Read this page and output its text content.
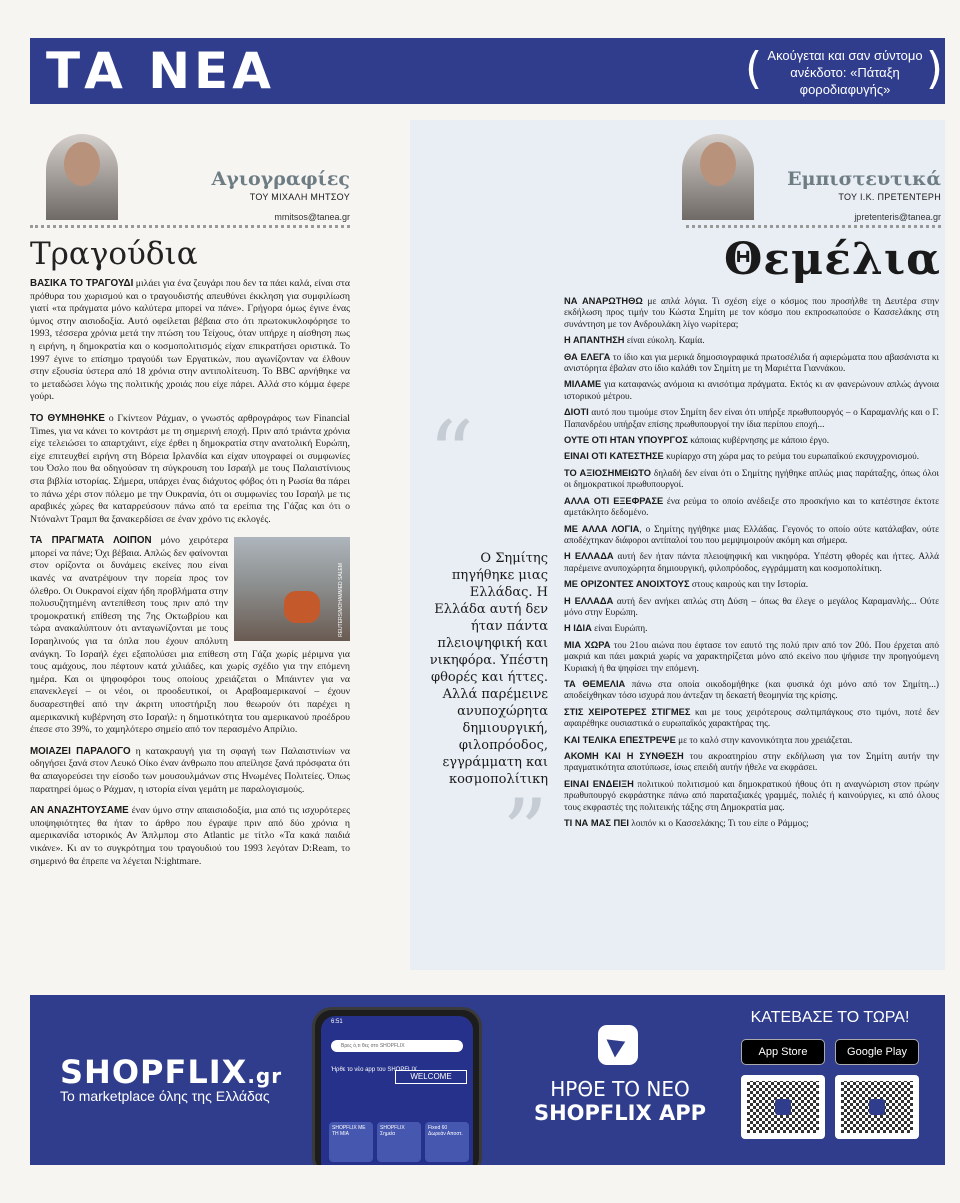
ΤΑ ΝΕΑ	( Ακούγεται και σαν σύντομο ανέκδοτο: «Πάταξη φοροδιαφυγής» )
Αγιογραφίες
ΤΟΥ ΜΙΧΑΛΗ ΜΗΤΣΟΥ
mmitsos@tanea.gr
Τραγούδια

ΒΑΣΙΚΑ ΤΟ ΤΡΑΓΟΥΔΙ μιλάει για ένα ζευγάρι που δεν τα πάει καλά, είναι στα πρόθυρα του χωρισμού και ο τραγουδιστής απευθύνει έκκληση για συμφιλίωση γιατί «τα πράγματα μόνο καλύτερα μπορεί να πάνε». Γρήγορα όμως έγινε ένας ύμνος στην αισιοδοξία. Αυτό οφείλεται βέβαια στο ότι πρωτοκυκλοφόρησε το 1993, τέσσερα χρόνια μετά την πτώση του Τείχους, όταν υπήρχε η αίσθηση πως η ειρήνη, η δημοκρατία και ο κοσμοπολιτισμός είχαν επικρατήσει οριστικά. Το 1997 έγινε το επίσημο τραγούδι των Εργατικών, που αγωνίζονταν να έλθουν στην εξουσία ύστερα από 18 χρόνια στην αντιπολίτευση. Το BBC αρνήθηκε να το μεταδώσει λόγω της πολιτικής χροιάς που είχε πάρει. Αλλά στο κόμμα έφερε γούρι.

ΤΟ ΘΥΜΗΘΗΚΕ ο Γκίντεον Ράχμαν, ο γνωστός αρθρογράφος των Financial Times, για να κάνει το κοντράστ με τη σημερινή εποχή. Πριν από τριάντα χρόνια είχε τελειώσει το απαρτχάιντ, είχε έρθει η δημοκρατία στην ανατολική Ευρώπη, είχε επιτευχθεί ειρήνη στη Βόρεια Ιρλανδία και είχαν υπογραφεί οι συμφωνίες του Όσλο που θα οδηγούσαν τη σύγκρουση του Ισραήλ με τους Παλαιστίνιους στα βιβλία ιστορίας. Σήμερα, υπάρχει ένας διάχυτος φόβος ότι η Ρωσία θα πάρει το πάνω χέρι στον πόλεμο με την Ουκρανία, ότι οι συμφωνίες του Ισραήλ με τις αραβικές χώρες θα καταρρεύσουν πάνω από τα ερείπια της Γάζας και ότι ο Ντόναλντ Τραμπ θα ξανακερδίσει σε έναν χρόνο τις εκλογές.

REUTERS/MOHAMMED SALEM
ΤΑ ΠΡΑΓΜΑΤΑ ΛΟΙΠΟΝ μόνο χειρότερα μπορεί να πάνε; Όχι βέβαια. Απλώς δεν φαίνονται στον ορίζοντα οι δυνάμεις εκείνες που είναι ικανές να ανατρέψουν την πορεία προς τον όλεθρο. Οι Ουκρανοί είχαν ήδη προβλήματα στην πολυσυζητημένη αντεπίθεση τους πριν από την τρομοκρατική επίθεση της 7ης Οκτωβρίου και τώρα ανακαλύπτουν ότι ανταγωνίζονται με τους Ισραηλινούς για τα όπλα που έχουν απόλυτη ανάγκη. Το Ισραήλ έχει εξαπολύσει μια επίθεση στη Γάζα χωρίς μέριμνα για τους αμάχους, που πέφτουν κατά χιλιάδες, και χωρίς σχέδιο για την επόμενη ημέρα. Και οι ψηφοφόροι τους οποίους χρειάζεται ο Μπάιντεν για να επανεκλεγεί – οι νέοι, οι προοδευτικοί, οι Αραβοαμερικανοί – έχουν δυσαρεστηθεί από την άκριτη υποστήριξη που θεωρούν ότι παρέχει η αμερικανική κυβέρνηση στο Ισραήλ: η δημοτικότητα του αμερικανού προέδρου έπεσε στο 39%, το χαμηλότερο σημείο από τον περασμένο Απρίλιο.

ΜΟΙΑΖΕΙ ΠΑΡΑΛΟΓΟ η κατακραυγή για τη σφαγή των Παλαιστινίων να οδηγήσει ξανά στον Λευκό Οίκο έναν άνθρωπο που απείλησε ξανά πρόσφατα ότι θα απαγορεύσει την είσοδο των μουσουλμάνων στις Ηνωμένες Πολιτείες. Όπως παρατηρεί όμως ο Ράχμαν, η ιστορία είναι γεμάτη με παραλογισμούς.

ΑΝ ΑΝΑΖΗΤΟΥΣΑΜΕ έναν ύμνο στην απαισιοδοξία, μια από τις ισχυρότερες υποψηφιότητες θα ήταν το άρθρο που έγραψε πριν από δύο χρόνια η αμερικανίδα ιστορικός Αν Άπλμπομ στο Atlantic με τίτλο «Τα κακά παιδιά νικάνε». Κι αν το συγκρότημα του τραγουδιού του 1993 λεγόταν D:Ream, το σημερινό θα έπρεπε να λέγεται N:ightmare.

Εμπιστευτικά
ΤΟΥ Ι.Κ. ΠΡΕΤΕΝΤΕΡΗ
jpretenteris@tanea.gr
Θεμέλια
“
Ο Σημίτης πηγήθηκε μιας Ελλάδας. Η Ελλάδα αυτή δεν ήταν πάντα πλειοψηφική και νικηφόρα. Υπέστη φθορές και ήττες. Αλλά παρέμεινε ανυποχώρητα δημιουργική, φιλοπρόοδος, εγγράμματη και κοσμοπολίτικη
”

ΝΑ ΑΝΑΡΩΤΗΘΩ με απλά λόγια. Τι σχέση είχε ο κόσμος που προσήλθε τη Δευτέρα στην εκδήλωση προς τιμήν του Κώστα Σημίτη με τον κόσμο που εκπροσωπούσε ο Κασσελάκης στη συνάντηση με τον Ανδρουλάκη λίγο νωρίτερα;

Η ΑΠΑΝΤΗΣΗ είναι εύκολη. Καμία.

ΘΑ ΕΛΕΓΑ το ίδιο και για μερικά δημοσιογραφικά πρωτοσέλιδα ή αφιερώματα που αβασάνιστα κι ανιστόρητα έβαλαν στο ίδιο καλάθι τον Σημίτη με τη Μαριέττα Γιαννάκου.

ΜΙΛΑΜΕ για καταφανώς ανόμοια κι ανισότιμα πράγματα. Εκτός κι αν φανερώνουν απλώς άγνοια ιστορικού μέτρου.

ΔΙΟΤΙ αυτό που τιμούμε στον Σημίτη δεν είναι ότι υπήρξε πρωθυπουργός – ο Καραμανλής και ο Γ. Παπανδρέου υπήρξαν επίσης πρωθυπουργοί την ίδια περίπου εποχή...

ΟΥΤΕ ΟΤΙ ΗΤΑΝ ΥΠΟΥΡΓΟΣ κάποιας κυβέρνησης με κάποιο έργο.

ΕΙΝΑΙ ΟΤΙ ΚΑΤΕΣΤΗΣΕ κυρίαρχο στη χώρα μας το ρεύμα του ευρωπαϊκού εκσυγχρονισμού.

ΤΟ ΑΞΙΟΣΗΜΕΙΩΤΟ δηλαδή δεν είναι ότι ο Σημίτης ηγήθηκε απλώς μιας παράταξης, όπως όλοι οι δημοκρατικοί πρωθυπουργοί.

ΑΛΛΑ ΟΤΙ ΕΞΕΦΡΑΣΕ ένα ρεύμα το οποίο ανέδειξε στο προσκήνιο και το κατέστησε έκτοτε αμετάκλητο δεδομένο.

ΜΕ ΑΛΛΑ ΛΟΓΙΑ, ο Σημίτης ηγήθηκε μιας Ελλάδας. Γεγονός το οποίο ούτε κατάλαβαν, ούτε αποδέχτηκαν διάφοροι αντίπαλοί του που μεμψιμοιρούν ακόμη και σήμερα.

Η ΕΛΛΑΔΑ αυτή δεν ήταν πάντα πλειοψηφική και νικηφόρα. Υπέστη φθορές και ήττες. Αλλά παρέμεινε ανυποχώρητα δημιουργική, φιλοπρόοδος, εγγράμματη και κοσμοπολίτικη.

ΜΕ ΟΡΙΖΟΝΤΕΣ ΑΝΟΙΧΤΟΥΣ στους καιρούς και την Ιστορία.

Η ΕΛΛΑΔΑ αυτή δεν ανήκει απλώς στη Δύση – όπως θα έλεγε ο μεγάλος Καραμανλής... Ούτε μόνο στην Ευρώπη.

Η ΙΔΙΑ είναι Ευρώπη.

ΜΙΑ ΧΩΡΑ του 21ου αιώνα που έφτασε τον εαυτό της πολύ πριν από τον 20ό. Που έρχεται από μακριά και πάει μακριά χωρίς να χαρακτηρίζεται μόνο από εκείνο που ψήφισε την προηγούμενη Κυριακή ή θα ψηφίσει την επόμενη.

ΤΑ ΘΕΜΕΛΙΑ πάνω στα οποία οικοδομήθηκε (και φυσικά όχι μόνο από τον Σημίτη...) αποδείχθηκαν τόσο ισχυρά που άντεξαν τη δεκαετή θεομηνία της κρίσης.

ΣΤΙΣ ΧΕΙΡΟΤΕΡΕΣ ΣΤΙΓΜΕΣ και με τους χειρότερους σαλτιμπάγκους στο τιμόνι, ποτέ δεν αφαιρέθηκε ουσιαστικά ο ευρωπαϊκός χαρακτήρας της.

ΚΑΙ ΤΕΛΙΚΑ ΕΠΕΣΤΡΕΨΕ με το καλό στην κανονικότητα που χρειάζεται.

ΑΚΟΜΗ ΚΑΙ Η ΣΥΝΘΕΣΗ του ακροατηρίου στην εκδήλωση για τον Σημίτη αυτήν την πραγματικότητα αποτύπωσε, ίσως επειδή αυτήν ήθελε να εκφράσει.

ΕΙΝΑΙ ΕΝΔΕΙΞΗ πολιτικού πολιτισμού και δημοκρατικού ήθους ότι η αναγνώριση στον πρώην πρωθυπουργό εκφράστηκε πάνω από παραταξιακές γραμμές, πολιές ή καινούργιες, κι από όλους τους εκφραστές της πολιτεικής τάξης στη Δημοκρατία μας.

ΤΙ ΝΑ ΜΑΣ ΠΕΙ λοιπόν κι ο Κασσελάκης; Τι του είπε ο Ράμμος;

SHOPFLIX.gr
Το marketplace όλης της Ελλάδας
6:51
Βρες ό,τι θες στο SHOPFLIX
Ήρθε το νέο app του SHOPFLIX
WELCOME
SHOPFLIX ΜΕ ΤΗ ΜΙΑ
SHOPFLIX Σημεία
Fixed 60 Δωρεάν Αποστ.
ΗΡΘΕ ΤΟ ΝΕΟ
SHOPFLIX APP
ΚΑΤΕΒΑΣΕ ΤΟ ΤΩΡΑ!
App Store	Google Play
